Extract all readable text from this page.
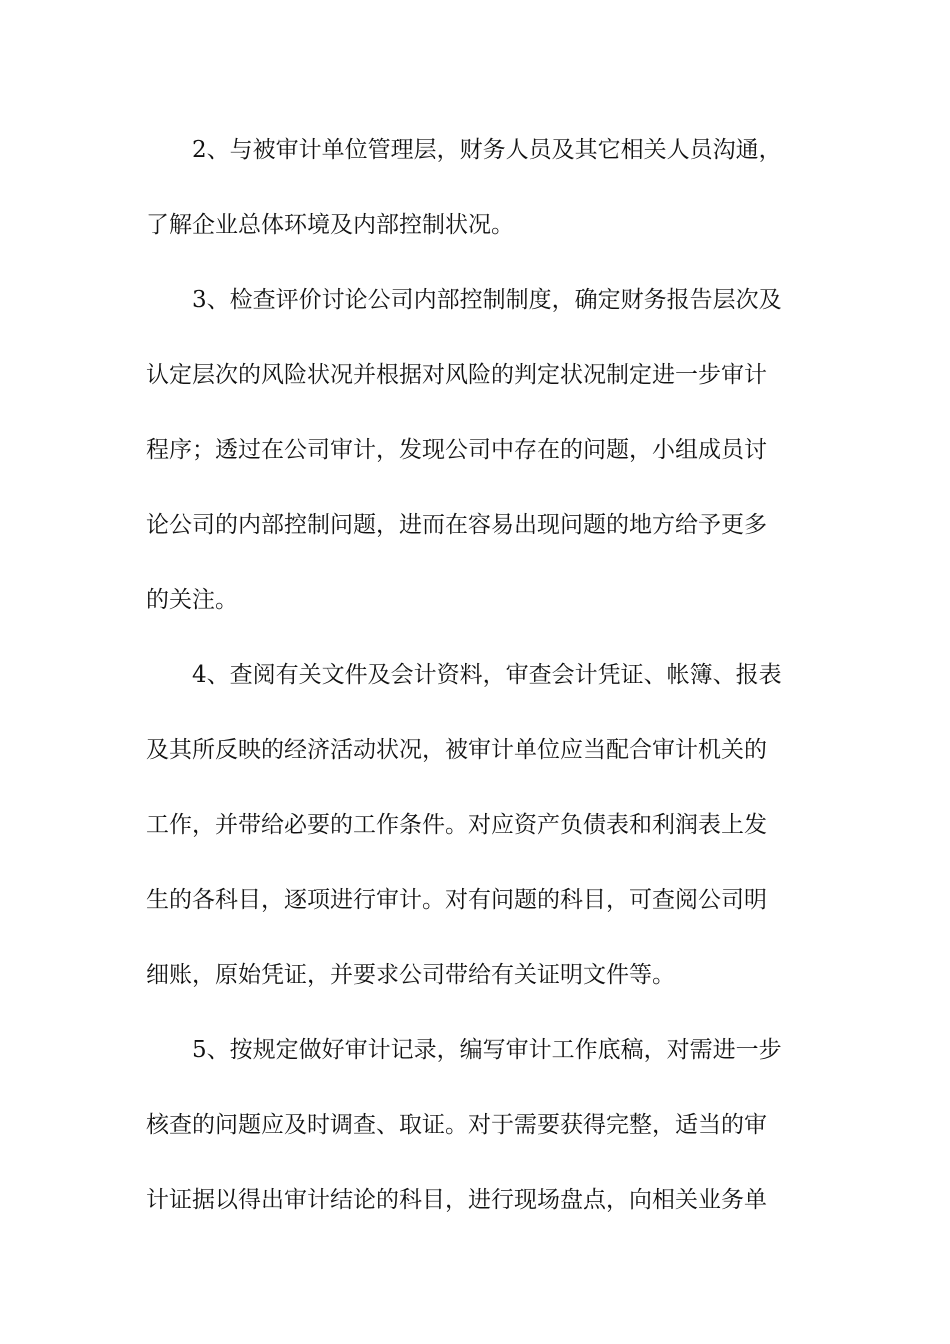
2、与被审计单位管理层，财务人员及其它相关人员沟通，
了解企业总体环境及内部控制状况。
3、检查评价讨论公司内部控制制度，确定财务报告层次及
认定层次的风险状况并根据对风险的判定状况制定进一步审计
程序；透过在公司审计，发现公司中存在的问题，小组成员讨
论公司的内部控制问题，进而在容易出现问题的地方给予更多
的关注。
4、查阅有关文件及会计资料，审查会计凭证、帐簿、报表
及其所反映的经济活动状况，被审计单位应当配合审计机关的
工作，并带给必要的工作条件。对应资产负债表和利润表上发
生的各科目，逐项进行审计。对有问题的科目，可查阅公司明
细账，原始凭证，并要求公司带给有关证明文件等。
5、按规定做好审计记录，编写审计工作底稿，对需进一步
核查的问题应及时调查、取证。对于需要获得完整，适当的审
计证据以得出审计结论的科目，进行现场盘点，向相关业务单
